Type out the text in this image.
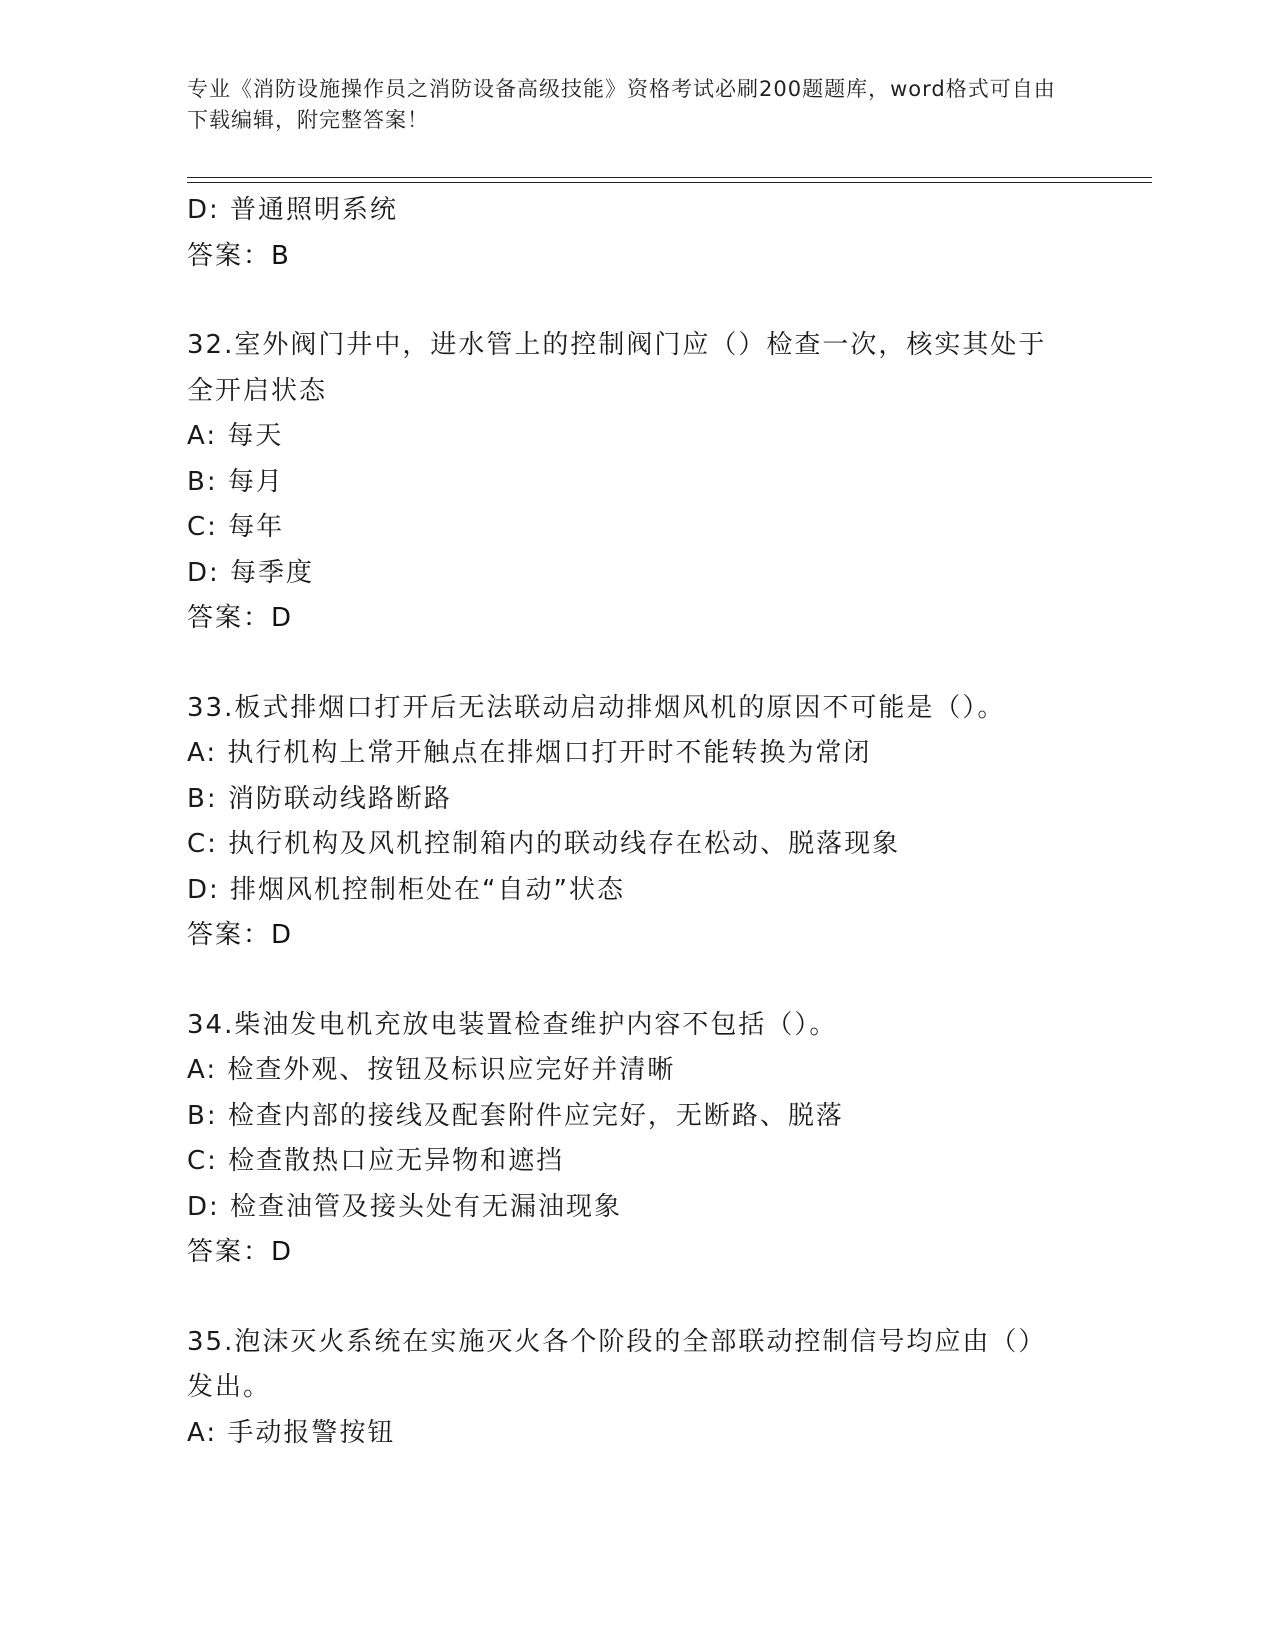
专业《消防设施操作员之消防设备高级技能》资格考试必刷200题题库，word格式可自由下载编辑，附完整答案！
D: 普通照明系统
答案：B
32.室外阀门井中，进水管上的控制阀门应（）检查一次，核实其处于
全开启状态
A: 每天
B: 每月
C: 每年
D: 每季度
答案：D
33.板式排烟口打开后无法联动启动排烟风机的原因不可能是（）。
A: 执行机构上常开触点在排烟口打开时不能转换为常闭
B: 消防联动线路断路
C: 执行机构及风机控制箱内的联动线存在松动、脱落现象
D: 排烟风机控制柜处在“自动”状态
答案：D
34.柴油发电机充放电装置检查维护内容不包括（）。
A: 检查外观、按钮及标识应完好并清晰
B: 检查内部的接线及配套附件应完好，无断路、脱落
C: 检查散热口应无异物和遮挡
D: 检查油管及接头处有无漏油现象
答案：D
35.泡沫灭火系统在实施灭火各个阶段的全部联动控制信号均应由（）
发出。
A: 手动报警按钮
